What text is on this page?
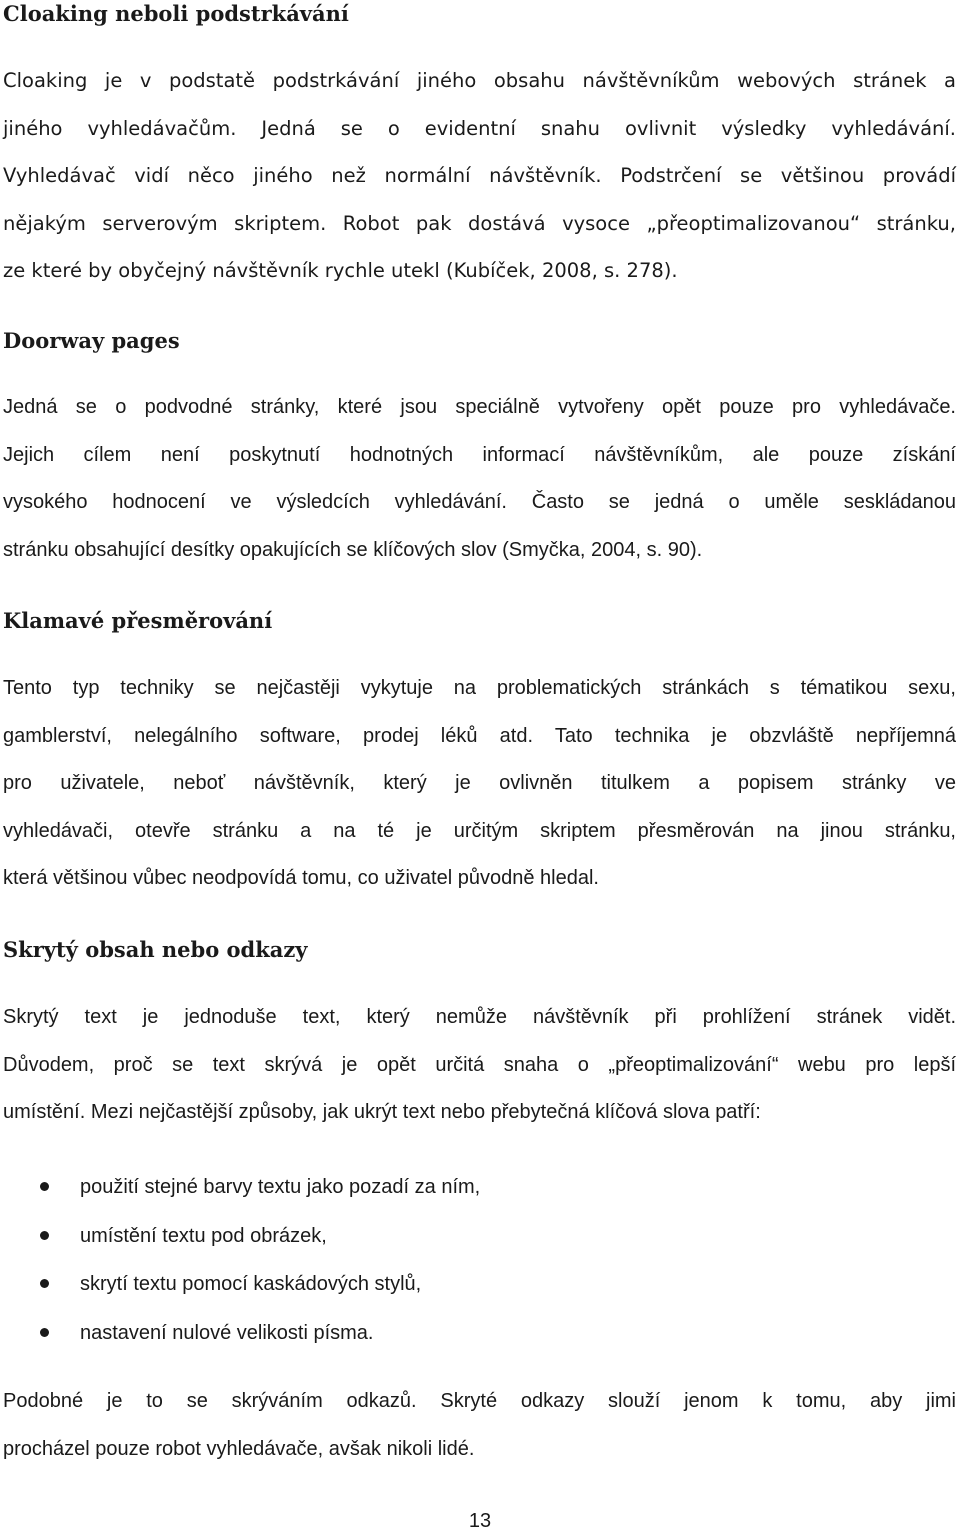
Cloaking neboli podstrkávání
Cloaking je v podstatě podstrkávání jiného obsahu návštěvníkům webových stránek a
jiného vyhledávačům. Jedná se o evidentní snahu ovlivnit výsledky vyhledávání.
Vyhledávač vidí něco jiného než normální návštěvník. Podstrčení se většinou provádí
nějakým serverovým skriptem. Robot pak dostává vysoce „přeoptimalizovanou“ stránku,
ze které by obyčejný návštěvník rychle utekl (Kubíček, 2008, s. 278).
Doorway pages
Jedná se o podvodné stránky, které jsou speciálně vytvořeny opět pouze pro vyhledávače.
Jejich cílem není poskytnutí hodnotných informací návštěvníkům, ale pouze získání
vysokého hodnocení ve výsledcích vyhledávání. Často se jedná o uměle seskládanou
stránku obsahující desítky opakujících se klíčových slov (Smyčka, 2004, s. 90).
Klamavé přesměrování
Tento typ techniky se nejčastěji vykytuje na problematických stránkách s tématikou sexu,
gamblerství, nelegálního software, prodej léků atd. Tato technika je obzvláště nepříjemná
pro uživatele, neboť návštěvník, který je ovlivněn titulkem a popisem stránky ve
vyhledávači, otevře stránku a na té je určitým skriptem přesměrován na jinou stránku,
která většinou vůbec neodpovídá tomu, co uživatel původně hledal.
Skrytý obsah nebo odkazy
Skrytý text je jednoduše text, který nemůže návštěvník při prohlížení stránek vidět.
Důvodem, proč se text skrývá je opět určitá snaha o „přeoptimalizování“ webu pro lepší
umístění. Mezi nejčastější způsoby, jak ukrýt text nebo přebytečná klíčová slova patří:
použití stejné barvy textu jako pozadí za ním,
umístění textu pod obrázek,
skrytí textu pomocí kaskádových stylů,
nastavení nulové velikosti písma.
Podobné je to se skrýváním odkazů. Skryté odkazy slouží jenom k tomu, aby jimi
procházel pouze robot vyhledávače, avšak nikoli lidé.
13
